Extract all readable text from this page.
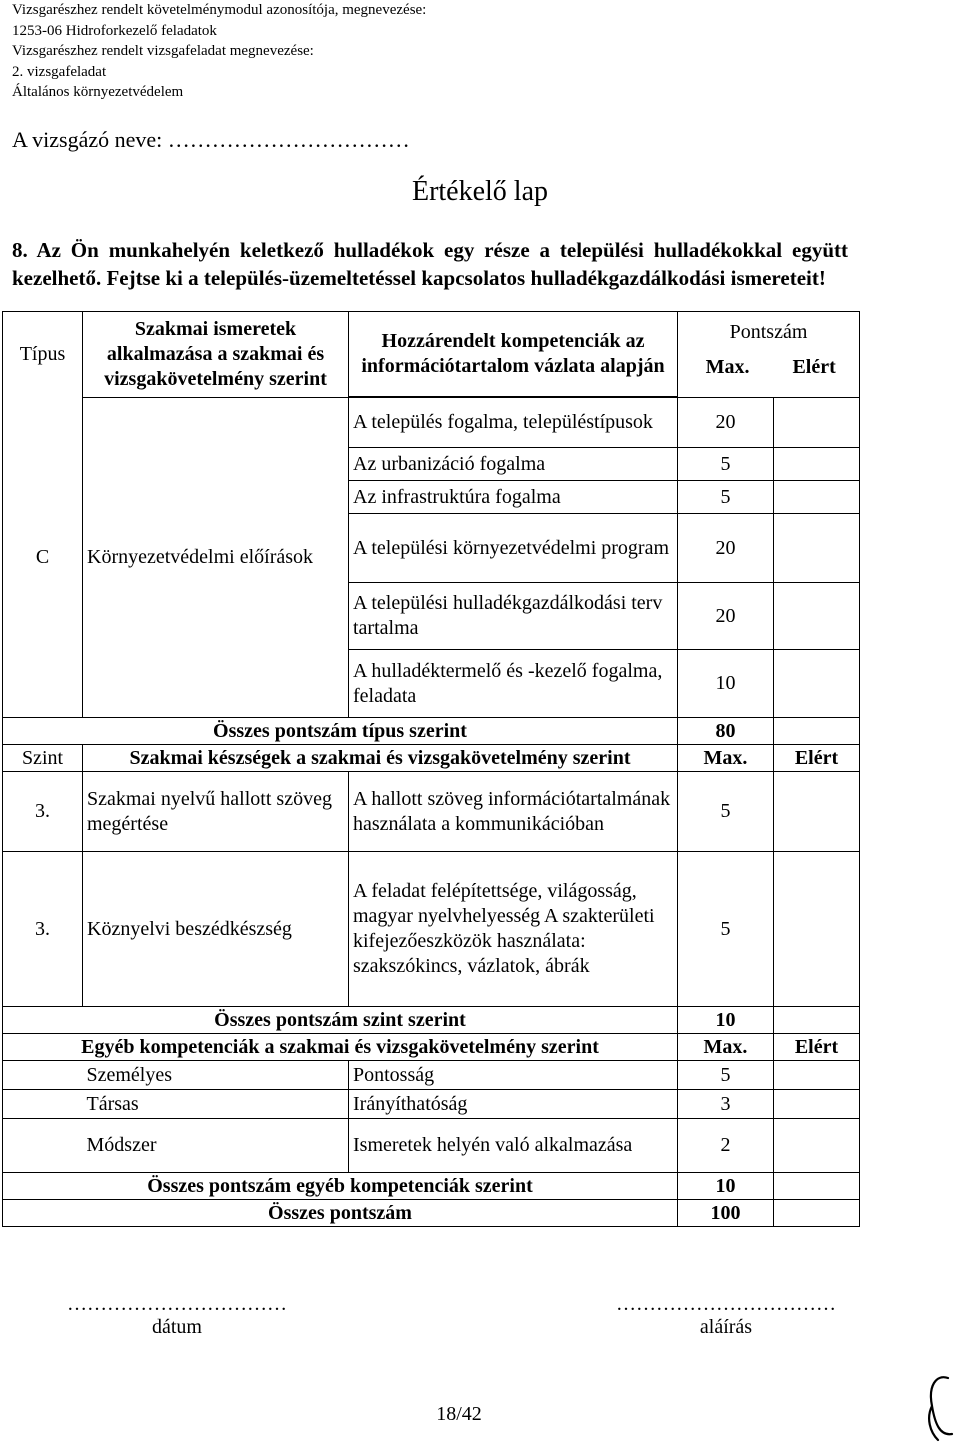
Vizsgarészhez rendelt követelménymodul azonosítója, megnevezése:
1253-06 Hidroforkezelő feladatok
Vizsgarészhez rendelt vizsgafeladat megnevezése:
2. vizsgafeladat
Általános környezetvédelem
A vizsgázó neve: ……………………………
Értékelő lap
8. Az Ön munkahelyén keletkező hulladékok egy része a települési hulladékokkal együtt
kezelhető. Fejtse ki a település-üzemeltetéssel kapcsolatos hulladékgazdálkodási ismereteit!
Típus	Szakmai ismeretek alkalmazása a szakmai és vizsgakövetelmény szerint	Hozzárendelt kompetenciák az információtartalom vázlata alapján	Pontszám
Max. Elért	

C	Környezetvédelmi előírások	A település fogalma, településtípusok	20	
		Az urbanizáció fogalma	5	
		Az infrastruktúra fogalma	5	
		A települési környezetvédelmi program	20	
		A települési hulladékgazdálkodási terv tartalma	20	
		A hulladéktermelő és -kezelő fogalma, feladata	10	
Összes pontszám típus szerint			80	
Szint	Szakmai készségek a szakmai és vizsgakövetelmény szerint		Max.	Elért
3.	Szakmai nyelvű hallott szöveg megértése	A hallott szöveg információtartalmának használata a kommunikációban	5	
3.	Köznyelvi beszédkészség	A feladat felépítettsége, világosság, magyar nyelvhelyesség A szakterületi kifejezőeszközök használata: szakszókincs, vázlatok, ábrák	5	
Összes pontszám szint szerint			10	
Egyéb kompetenciák a szakmai és vizsgakövetelmény szerint			Max.	Elért
	Személyes	Pontosság	5	
	Társas	Irányíthatóság	3	
	Módszer	Ismeretek helyén való alkalmazása	2	
Összes pontszám egyéb kompetenciák szerint			10	
Összes pontszám			100	
……………………………
dátum
……………………………
aláírás
18/42
